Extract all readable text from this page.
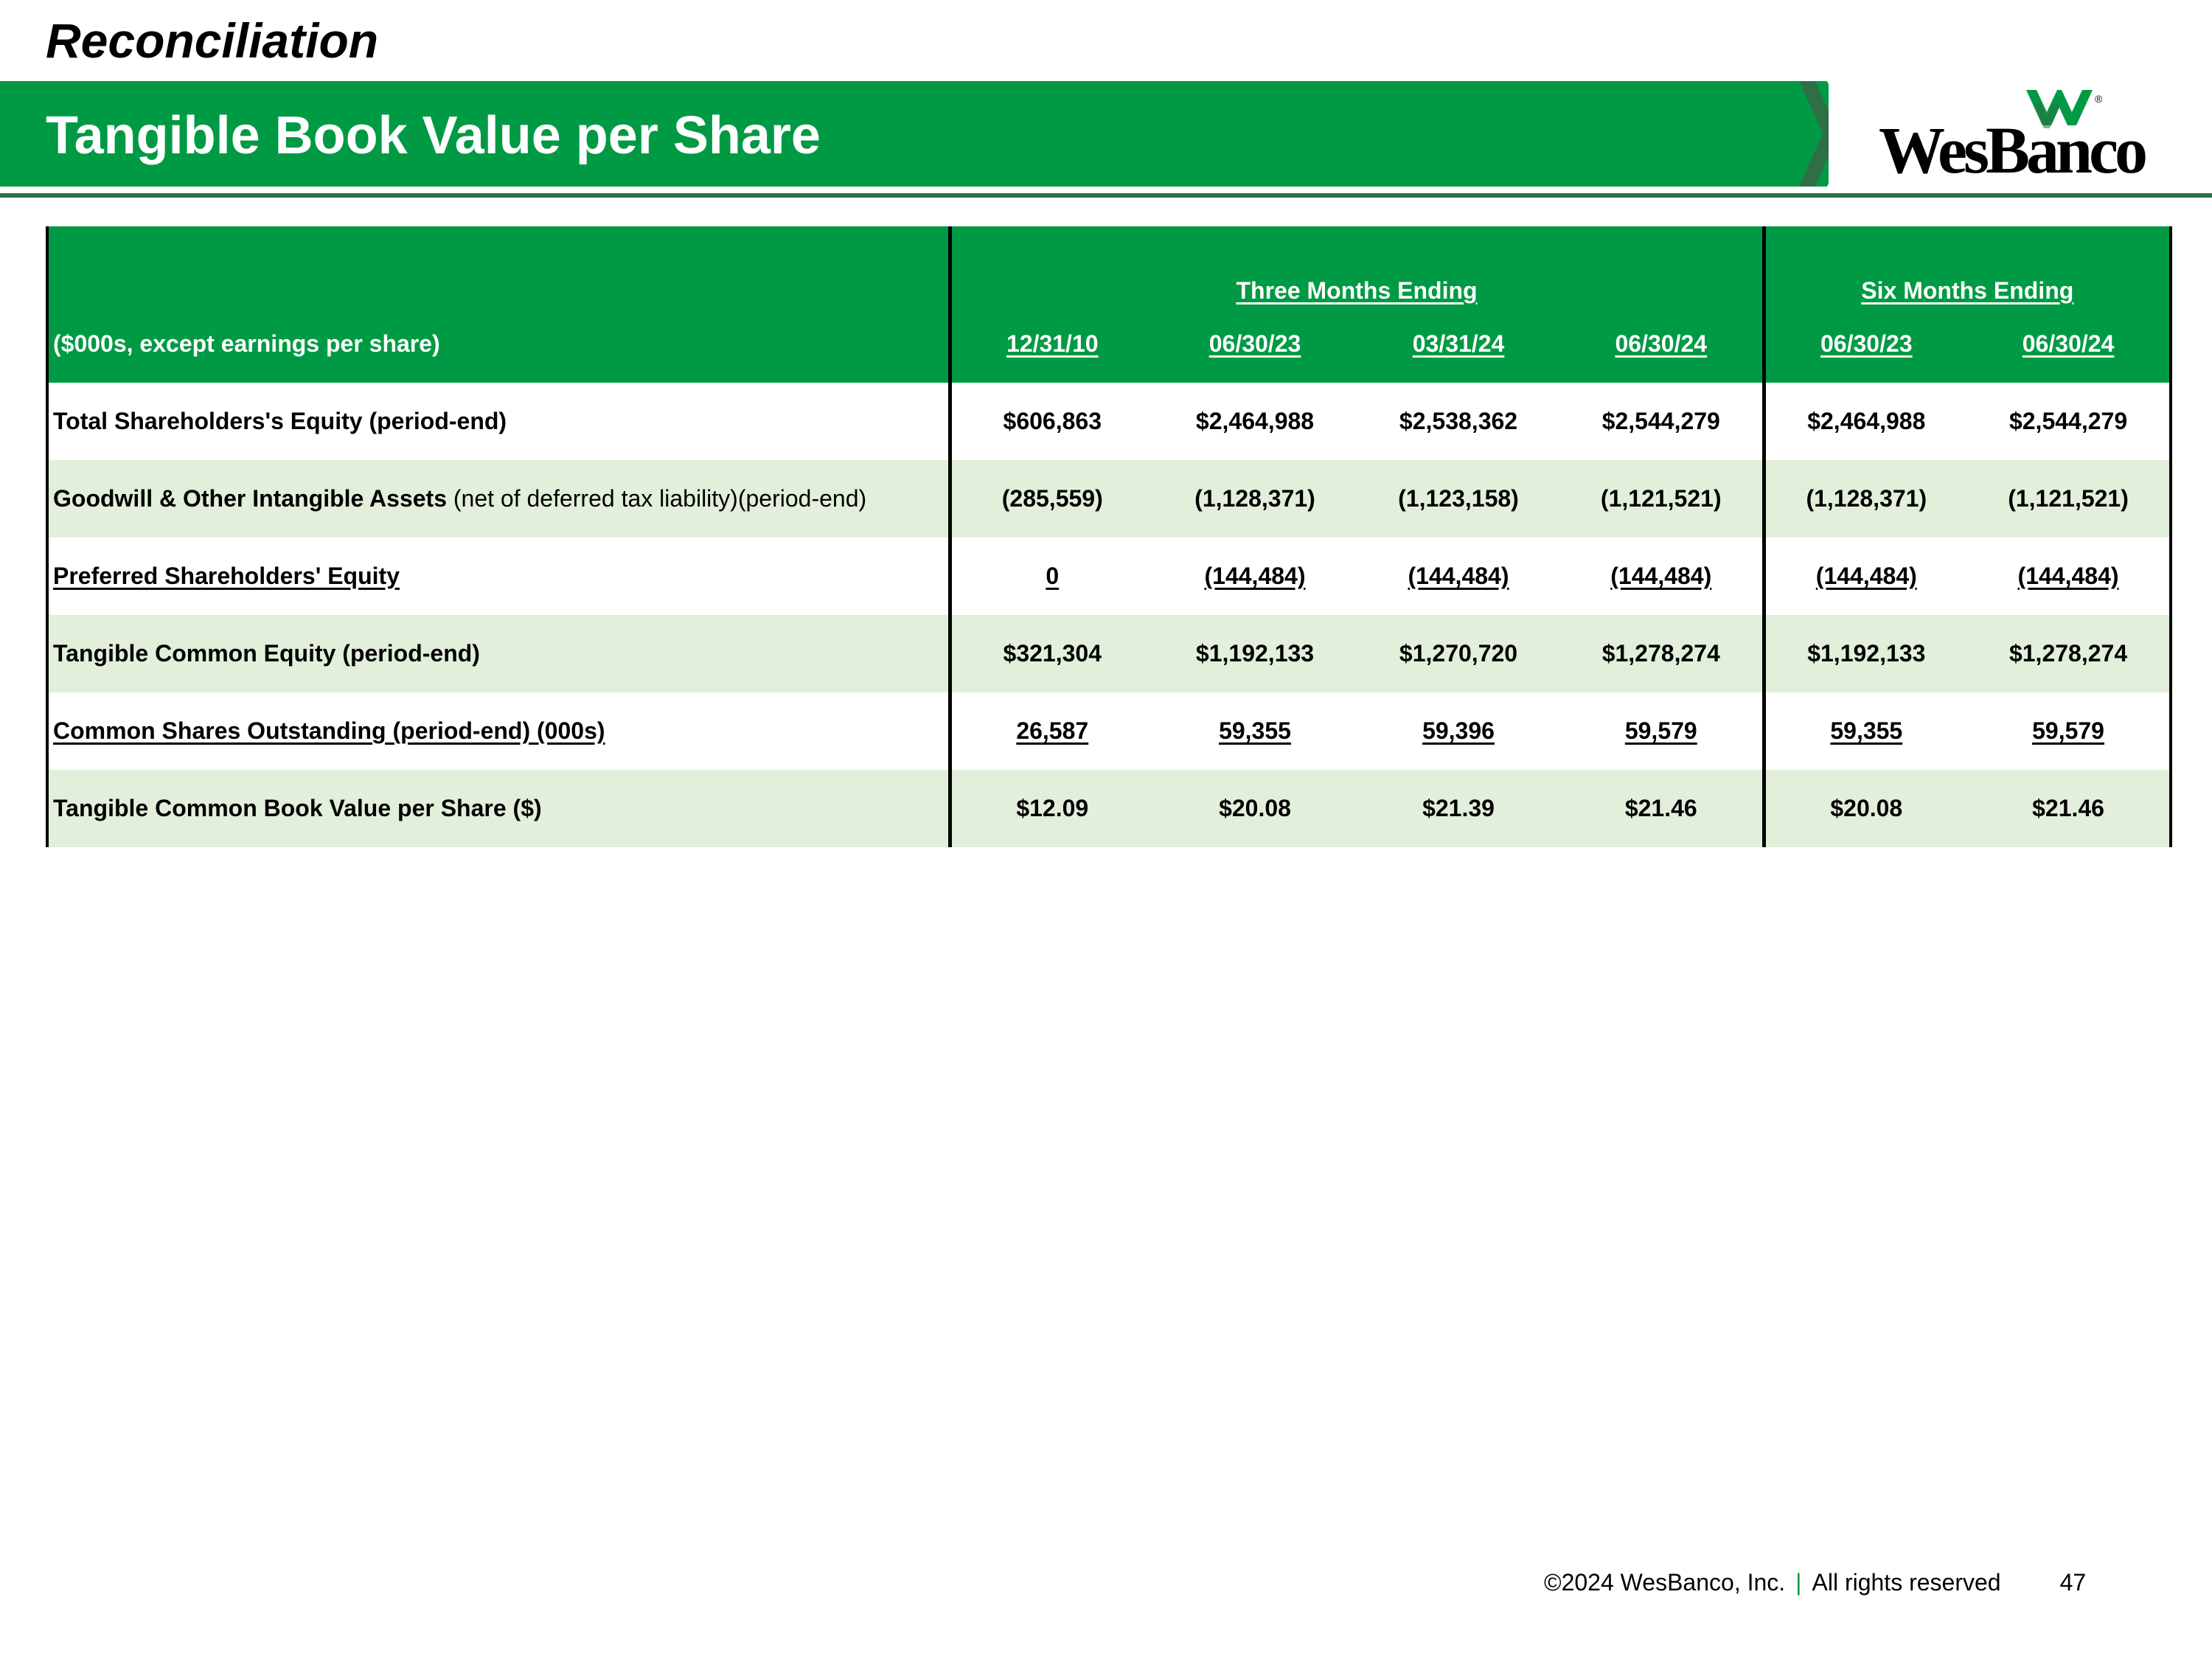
Reconciliation
Tangible Book Value per Share
®
WesBanco
	Three Months Ending				Six Months Ending	
($000s, except earnings per share)	12/31/10	06/30/23	03/31/24	06/30/24	06/30/23	06/30/24
Total Shareholders's Equity (period-end)	$606,863	$2,464,988	$2,538,362	$2,544,279	$2,464,988	$2,544,279
Goodwill & Other Intangible Assets (net of deferred tax liability)(period-end)	(285,559)	(1,128,371)	(1,123,158)	(1,121,521)	(1,128,371)	(1,121,521)
Preferred Shareholders' Equity	0	(144,484)	(144,484)	(144,484)	(144,484)	(144,484)
Tangible Common Equity (period-end)	$321,304	$1,192,133	$1,270,720	$1,278,274	$1,192,133	$1,278,274
Common Shares Outstanding (period-end) (000s)	26,587	59,355	59,396	59,579	59,355	59,579
Tangible Common Book Value per Share ($)	$12.09	$20.08	$21.39	$21.46	$20.08	$21.46
©2024 WesBanco, Inc. | All rights reserved	47
